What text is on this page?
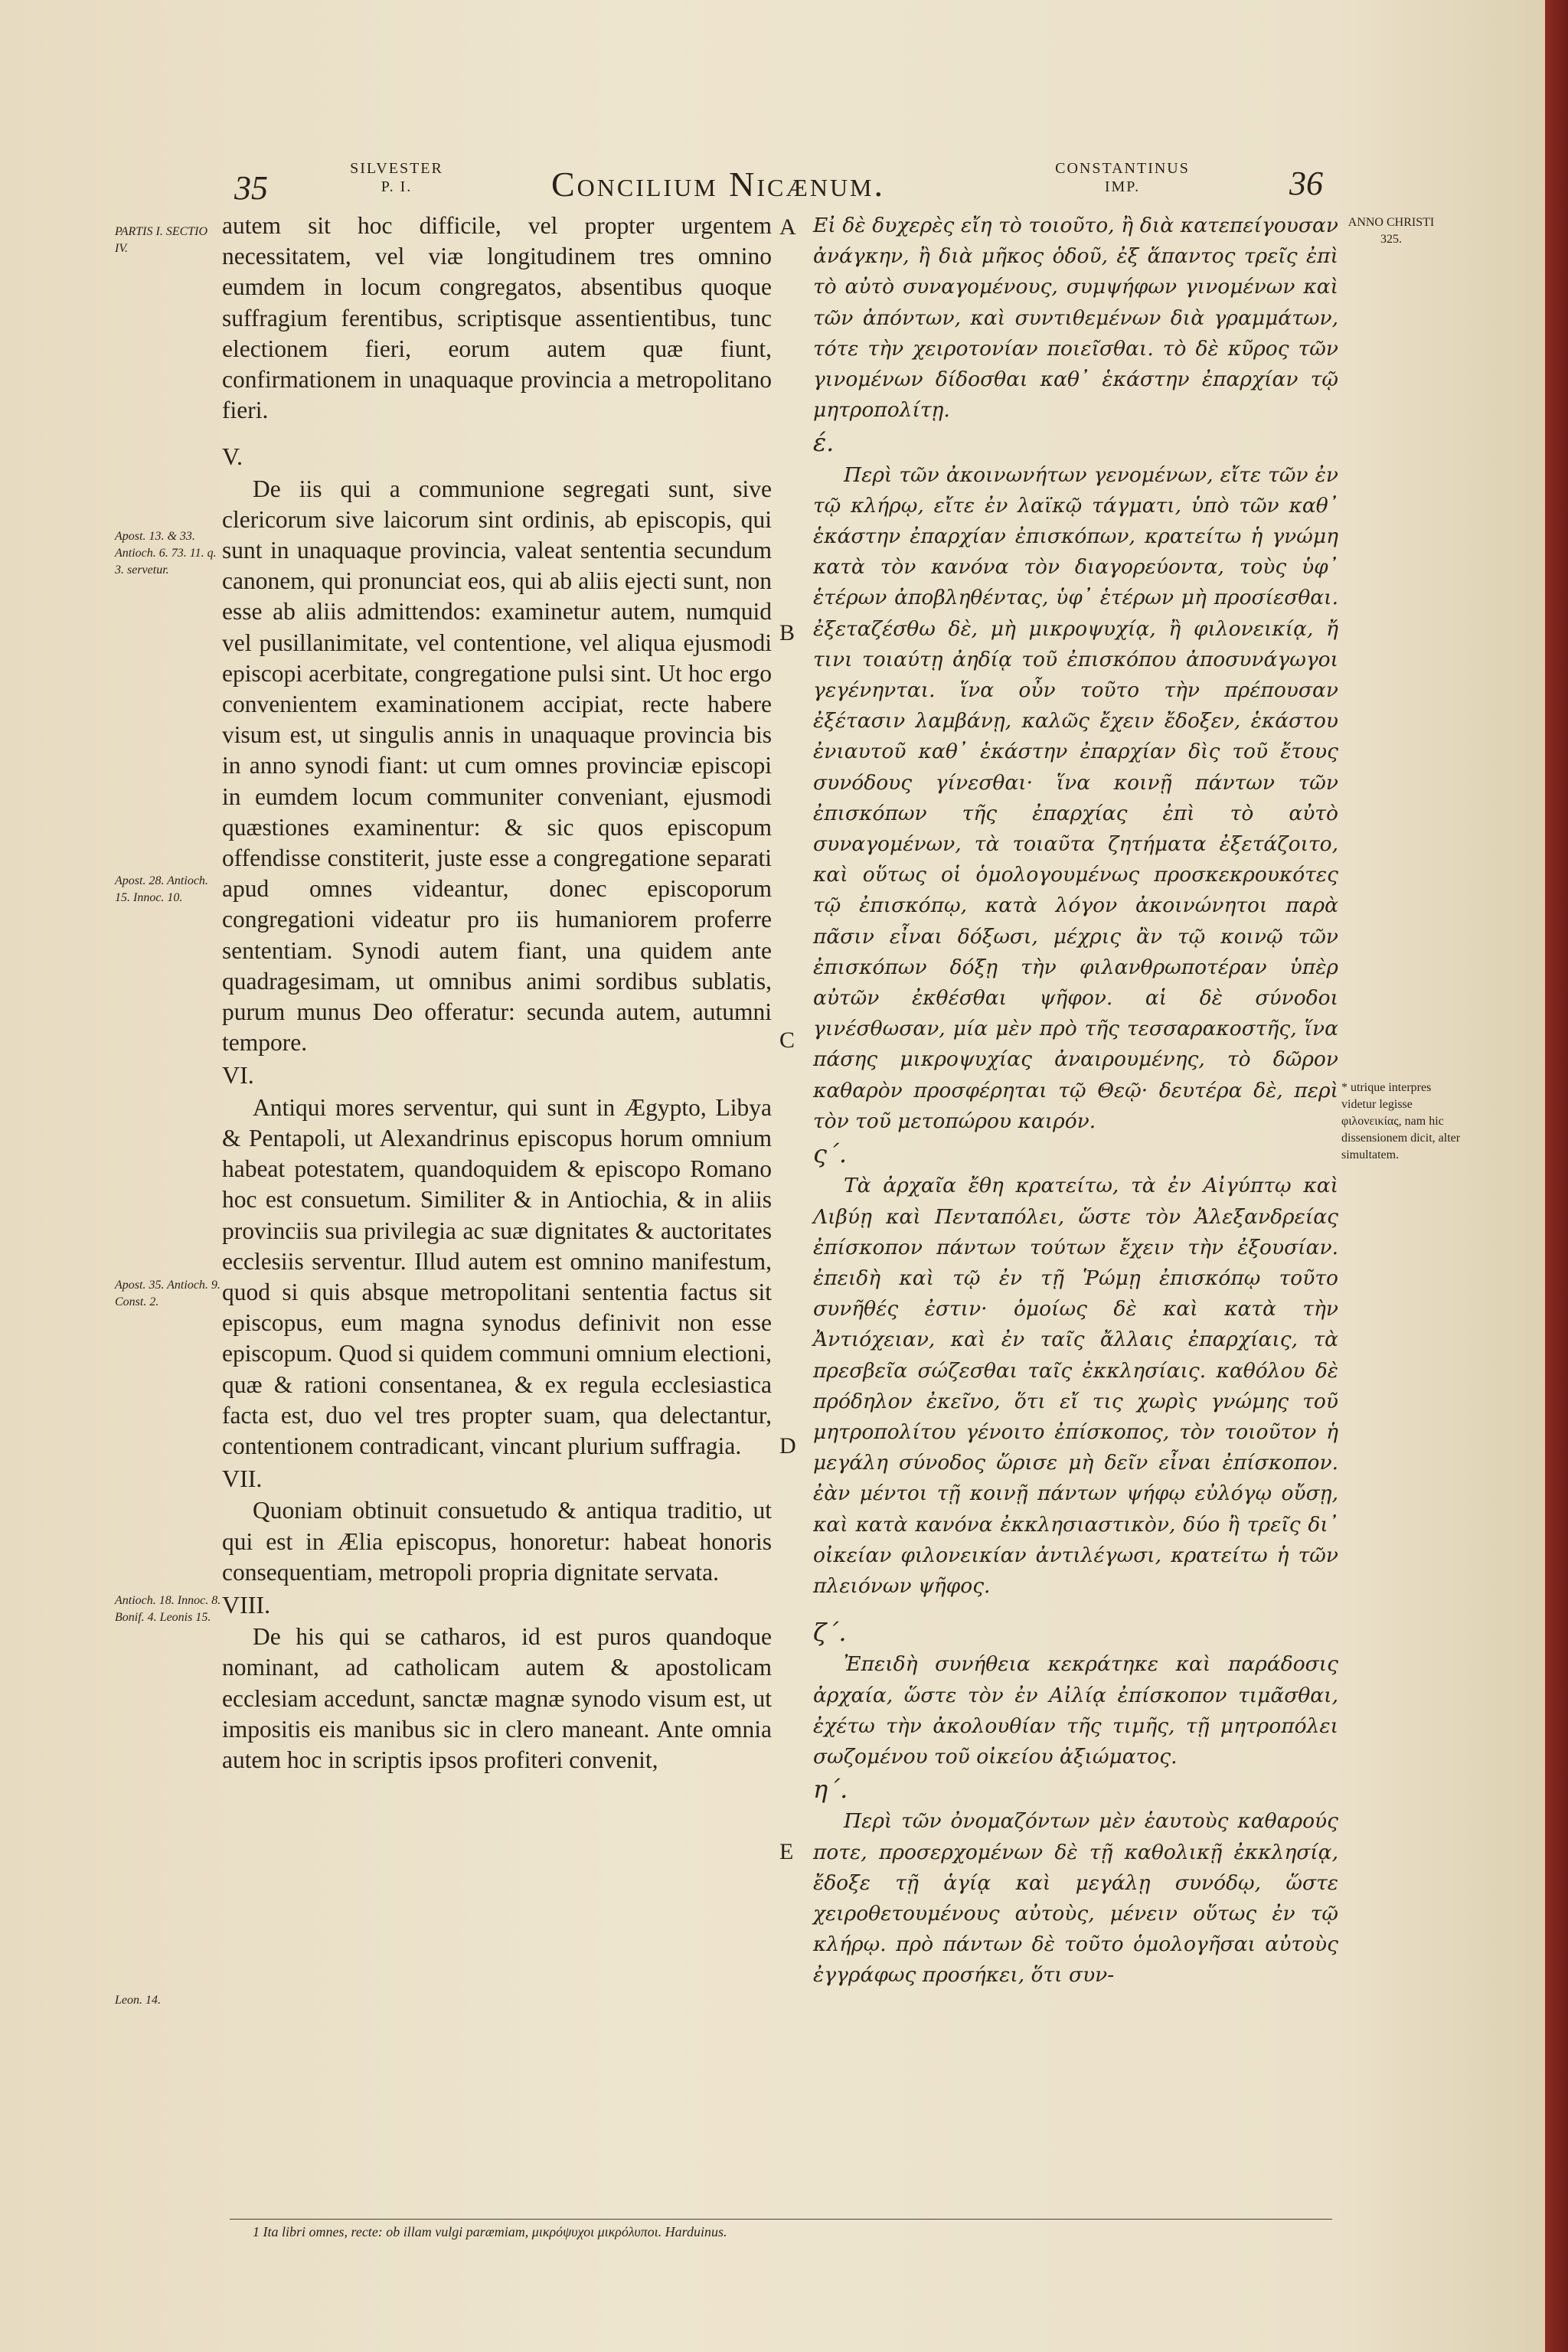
35
SILVESTER
P. I.	Concilium Nicænum.	CONSTANTINUS
IMP.	36
PARTIS I. SECTIO IV.
Apost. 13. & 33. Antioch. 6. 73. 11. q. 3. servetur.
Apost. 28. Antioch. 15. Innoc. 10.
Apost. 35. Antioch. 9. Const. 2.
Antioch. 18. Innoc. 8. Bonif. 4. Leonis 15.
Leon. 14.
ANNO CHRISTI 325.
* utrique interpres videtur legisse φιλονεικίας, nam hic dissensionem dicit, alter simultatem.
A
B
C
D
E

autem sit hoc difficile, vel propter urgentem necessitatem, vel viæ longitudinem tres omnino eumdem in locum congregatos, absentibus quoque suffragium ferentibus, scriptisque assentientibus, tunc electionem fieri, eorum autem quæ fiunt, confirmationem in unaquaque provincia a metropolitano fieri.

V.

De iis qui a communione segregati sunt, sive clericorum sive laicorum sint ordinis, ab episcopis, qui sunt in unaquaque provincia, valeat sententia secundum canonem, qui pronunciat eos, qui ab aliis ejecti sunt, non esse ab aliis admittendos: examinetur autem, numquid vel pusillanimitate, vel contentione, vel aliqua ejusmodi episcopi acerbitate, congregatione pulsi sint. Ut hoc ergo convenientem examinationem accipiat, recte habere visum est, ut singulis annis in unaquaque provincia bis in anno synodi fiant: ut cum omnes provinciæ episcopi in eumdem locum communiter conveniant, ejusmodi quæstiones examinentur: & sic quos episcopum offendisse constiterit, juste esse a congregatione separati apud omnes videantur, donec episcoporum congregationi videatur pro iis humaniorem proferre sententiam. Synodi autem fiant, una quidem ante quadragesimam, ut omnibus animi sordibus sublatis, purum munus Deo offeratur: secunda autem, autumni tempore.

VI.

Antiqui mores serventur, qui sunt in Ægypto, Libya & Pentapoli, ut Alexandrinus episcopus horum omnium habeat potestatem, quandoquidem & episcopo Romano hoc est consuetum. Similiter & in Antiochia, & in aliis provinciis sua privilegia ac suæ dignitates & auctoritates ecclesiis serventur. Illud autem est omnino manifestum, quod si quis absque metropolitani sententia factus sit episcopus, eum magna synodus definivit non esse episcopum. Quod si quidem communi omnium electioni, quæ & rationi consentanea, & ex regula ecclesiastica facta est, duo vel tres propter suam, qua delectantur, contentionem contradicant, vincant plurium suffragia.

VII.

Quoniam obtinuit consuetudo & antiqua traditio, ut qui est in Ælia episcopus, honoretur: habeat honoris consequentiam, metropoli propria dignitate servata.

VIII.

De his qui se catharos, id est puros quandoque nominant, ad catholicam autem & apostolicam ecclesiam accedunt, sanctæ magnæ synodo visum est, ut impositis eis manibus sic in clero maneant. Ante omnia autem hoc in scriptis ipsos profiteri convenit,

Εἰ δὲ δυχερὲς εἴη τὸ τοιοῦτο, ἢ διὰ κατεπείγουσαν ἀνάγκην, ἢ διὰ μῆκος ὁδοῦ, ἐξ ἅπαντος τρεῖς ἐπὶ τὸ αὐτὸ συναγομένους, συμψήφων γινομένων καὶ τῶν ἀπόντων, καὶ συντιθεμένων διὰ γραμμάτων, τότε τὴν χειροτονίαν ποιεῖσθαι. τὸ δὲ κῦρος τῶν γινομένων δίδοσθαι καθ᾿ ἑκάστην ἐπαρχίαν τῷ μητροπολίτῃ.

έ.

Περὶ τῶν ἀκοινωνήτων γενομένων, εἴτε τῶν ἐν τῷ κλήρῳ, εἴτε ἐν λαϊκῷ τάγματι, ὑπὸ τῶν καθ᾿ ἑκάστην ἐπαρχίαν ἐπισκόπων, κρατείτω ἡ γνώμη κατὰ τὸν κανόνα τὸν διαγορεύοντα, τοὺς ὑφ᾿ ἑτέρων ἀποβληθέντας, ὑφ᾿ ἑτέρων μὴ προσίεσθαι. ἐξεταζέσθω δὲ, μὴ μικροψυχίᾳ, ἢ φιλονεικίᾳ, ἤ τινι τοιαύτῃ ἀηδίᾳ τοῦ ἐπισκόπου ἀποσυνάγωγοι γεγένηνται. ἵνα οὖν τοῦτο τὴν πρέπουσαν ἐξέτασιν λαμβάνῃ, καλῶς ἔχειν ἔδοξεν, ἑκάστου ἐνιαυτοῦ καθ᾿ ἑκάστην ἐπαρχίαν δὶς τοῦ ἔτους συνόδους γίνεσθαι· ἵνα κοινῇ πάντων τῶν ἐπισκόπων τῆς ἐπαρχίας ἐπὶ τὸ αὐτὸ συναγομένων, τὰ τοιαῦτα ζητήματα ἐξετάζοιτο, καὶ οὕτως οἱ ὁμολογουμένως προσκεκρουκότες τῷ ἐπισκόπῳ, κατὰ λόγον ἀκοινώνητοι παρὰ πᾶσιν εἶναι δόξωσι, μέχρις ἂν τῷ κοινῷ τῶν ἐπισκόπων δόξῃ τὴν φιλανθρωποτέραν ὑπὲρ αὐτῶν ἐκθέσθαι ψῆφον. αἱ δὲ σύνοδοι γινέσθωσαν, μία μὲν πρὸ τῆς τεσσαρακοστῆς, ἵνα πάσης μικροψυχίας ἀναιρουμένης, τὸ δῶρον καθαρὸν προσφέρηται τῷ Θεῷ· δευτέρα δὲ, περὶ τὸν τοῦ μετοπώρου καιρόν.

ς΄.

Τὰ ἀρχαῖα ἔθη κρατείτω, τὰ ἐν Αἰγύπτῳ καὶ Λιβύῃ καὶ Πενταπόλει, ὥστε τὸν Ἀλεξανδρείας ἐπίσκοπον πάντων τούτων ἔχειν τὴν ἐξουσίαν. ἐπειδὴ καὶ τῷ ἐν τῇ Ῥώμῃ ἐπισκόπῳ τοῦτο συνῆθές ἐστιν· ὁμοίως δὲ καὶ κατὰ τὴν Ἀντιόχειαν, καὶ ἐν ταῖς ἄλλαις ἐπαρχίαις, τὰ πρεσβεῖα σώζεσθαι ταῖς ἐκκλησίαις. καθόλου δὲ πρόδηλον ἐκεῖνο, ὅτι εἴ τις χωρὶς γνώμης τοῦ μητροπολίτου γένοιτο ἐπίσκοπος, τὸν τοιοῦτον ἡ μεγάλη σύνοδος ὥρισε μὴ δεῖν εἶναι ἐπίσκοπον. ἐὰν μέντοι τῇ κοινῇ πάντων ψήφῳ εὐλόγῳ οὔσῃ, καὶ κατὰ κανόνα ἐκκλησιαστικὸν, δύο ἢ τρεῖς δι᾿ οἰκείαν φιλονεικίαν ἀντιλέγωσι, κρατείτω ἡ τῶν πλειόνων ψῆφος.

ζ΄.

Ἐπειδὴ συνήθεια κεκράτηκε καὶ παράδοσις ἀρχαία, ὥστε τὸν ἐν Αἰλίᾳ ἐπίσκοπον τιμᾶσθαι, ἐχέτω τὴν ἀκολουθίαν τῆς τιμῆς, τῇ μητροπόλει σωζομένου τοῦ οἰκείου ἀξιώματος.

η΄.

Περὶ τῶν ὀνομαζόντων μὲν ἑαυτοὺς καθαρούς ποτε, προσερχομένων δὲ τῇ καθολικῇ ἐκκλησίᾳ, ἔδοξε τῇ ἁγίᾳ καὶ μεγάλῃ συνόδῳ, ὥστε χειροθετουμένους αὐτοὺς, μένειν οὕτως ἐν τῷ κλήρῳ. πρὸ πάντων δὲ τοῦτο ὁμολογῆσαι αὐτοὺς ἐγγράφως προσήκει, ὅτι συν-

1 Ita libri omnes, recte: ob illam vulgi paræmiam, μικρόψυχοι μικρόλυποι. Harduinus.
